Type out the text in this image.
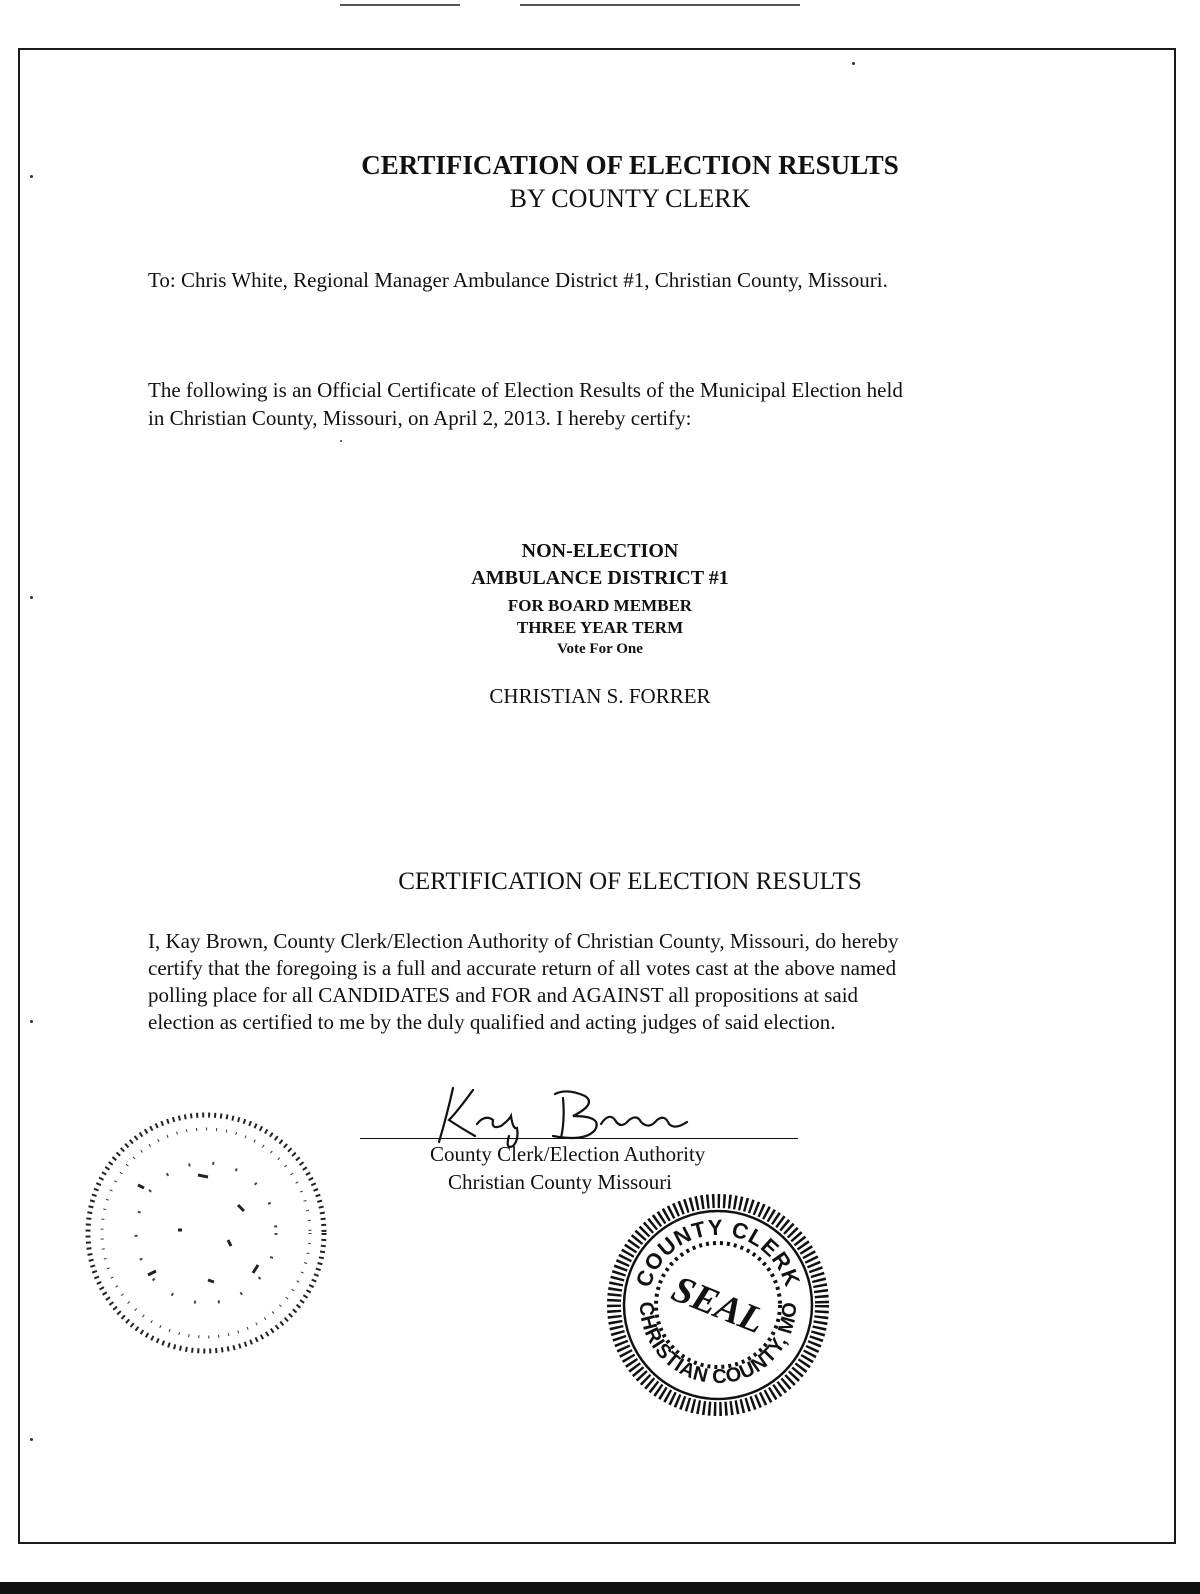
CERTIFICATION OF ELECTION RESULTS
BY COUNTY CLERK
To: Chris White, Regional Manager Ambulance District #1, Christian County, Missouri.
The following is an Official Certificate of Election Results of the Municipal Election held
in Christian County, Missouri, on April 2, 2013. I hereby certify:
NON-ELECTION
AMBULANCE DISTRICT #1
FOR BOARD MEMBER
THREE YEAR TERM
Vote For One
CHRISTIAN S. FORRER
CERTIFICATION OF ELECTION RESULTS
I, Kay Brown, County Clerk/Election Authority of Christian County, Missouri, do hereby
certify that the foregoing is a full and accurate return of all votes cast at the above named
polling place for all CANDIDATES and FOR and AGAINST all propositions at said
election as certified to me by the duly qualified and acting judges of said election.
County Clerk/Election Authority
Christian County Missouri
COUNTY CLERK
CHRISTIAN COUNTY, MO
SEAL
